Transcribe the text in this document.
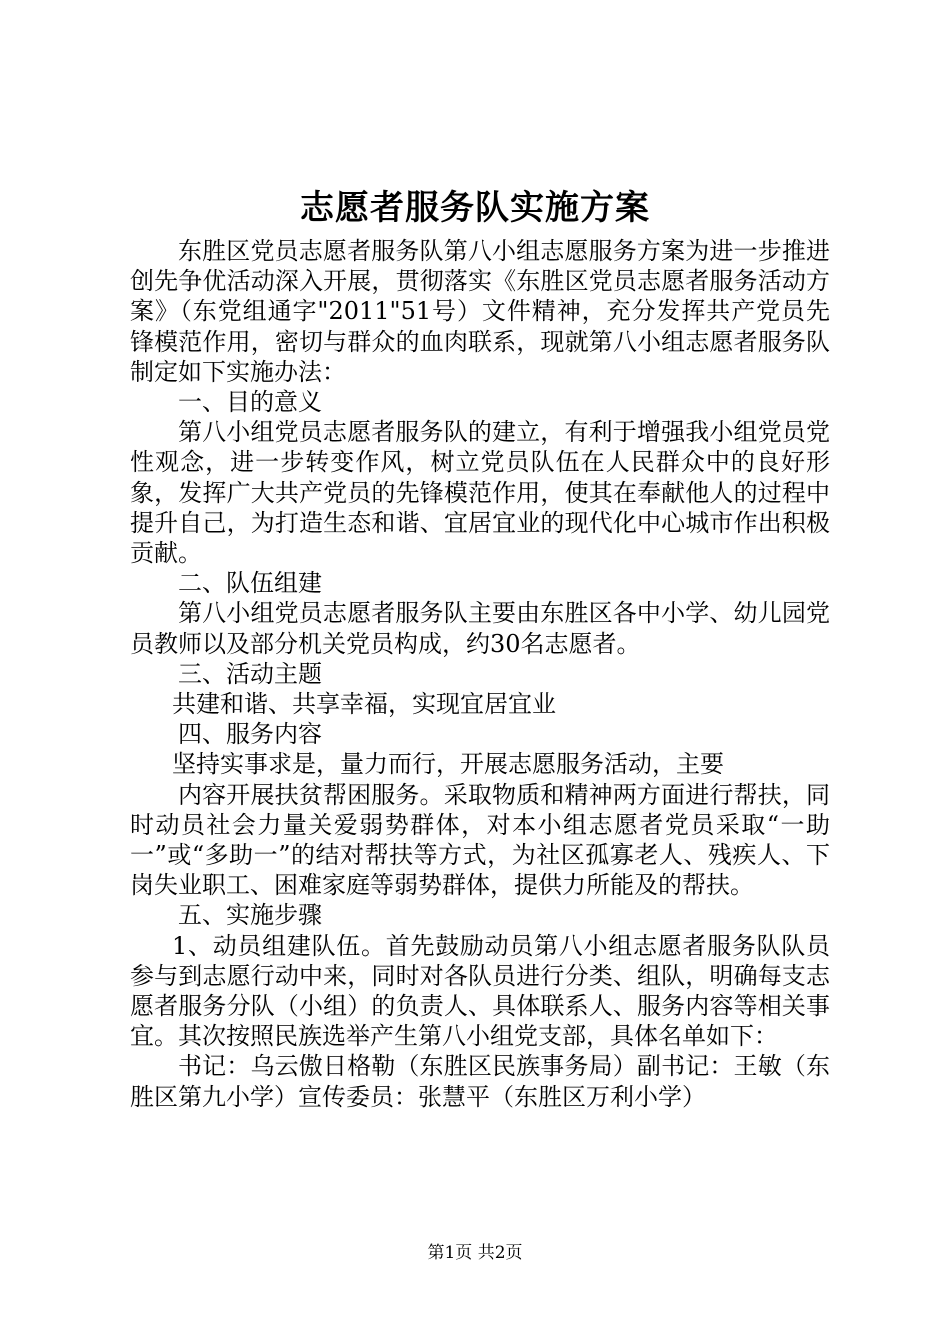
志愿者服务队实施方案

东胜区党员志愿者服务队第八小组志愿服务方案为进一步推进创先争优活动深入开展，贯彻落实《东胜区党员志愿者服务活动方案》（东党组通字"2011"51号）文件精神，充分发挥共产党员先锋模范作用，密切与群众的血肉联系，现就第八小组志愿者服务队制定如下实施办法：

一、目的意义

第八小组党员志愿者服务队的建立，有利于增强我小组党员党性观念，进一步转变作风，树立党员队伍在人民群众中的良好形象，发挥广大共产党员的先锋模范作用，使其在奉献他人的过程中提升自己，为打造生态和谐、宜居宜业的现代化中心城市作出积极贡献。

二、队伍组建

第八小组党员志愿者服务队主要由东胜区各中小学、幼儿园党员教师以及部分机关党员构成，约30名志愿者。

三、活动主题

共建和谐、共享幸福，实现宜居宜业

四、服务内容

坚持实事求是，量力而行，开展志愿服务活动，主要

内容开展扶贫帮困服务。采取物质和精神两方面进行帮扶，同时动员社会力量关爱弱势群体，对本小组志愿者党员采取“一助一”或“多助一”的结对帮扶等方式，为社区孤寡老人、残疾人、下岗失业职工、困难家庭等弱势群体，提供力所能及的帮扶。

五、实施步骤

1、动员组建队伍。首先鼓励动员第八小组志愿者服务队队员参与到志愿行动中来，同时对各队员进行分类、组队，明确每支志愿者服务分队（小组）的负责人、具体联系人、服务内容等相关事宜。其次按照民族选举产生第八小组党支部，具体名单如下：

书记：乌云傲日格勒（东胜区民族事务局）副书记：王敏（东胜区第九小学）宣传委员：张慧平（东胜区万利小学）

第1页 共2页
